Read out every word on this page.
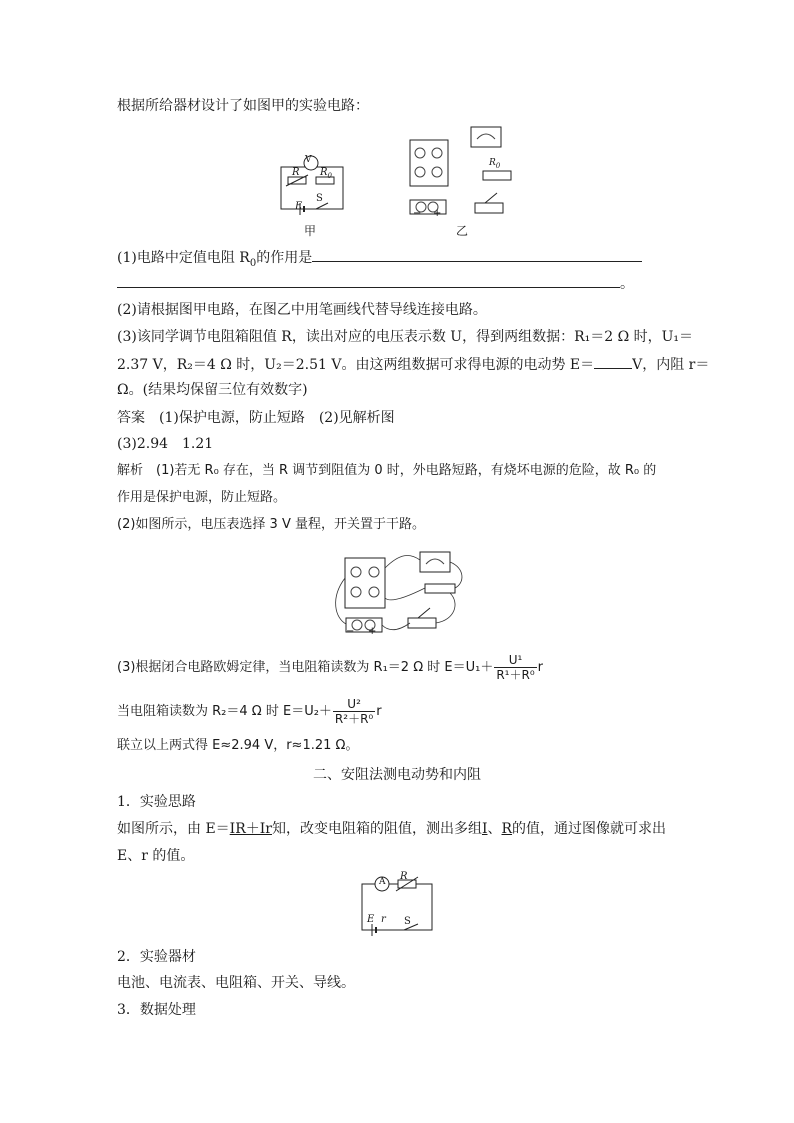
根据所给器材设计了如图甲的实验电路：
V
R $R_0$
E
S
甲
$R_0$
− +
乙
(1)电路中定值电阻 $R_0$的作用是
。
(2)请根据图甲电路，在图乙中用笔画线代替导线连接电路。
(3)该同学调节电阻箱阻值 R，读出对应的电压表示数 U，得到两组数据：R₁＝2 Ω 时，U₁＝
2.37 V，R₂＝4 Ω 时，U₂＝2.51 V。由这两组数据可求得电源的电动势 E＝	V，内阻 r＝
Ω。(结果均保留三位有效数字)
答案　 (1)保护电源，防止短路　(2)见解析图
(3)2.94　1.21
解析　(1)若无 R₀ 存在，当 R 调节到阻值为 0 时，外电路短路，有烧坏电源的危险，故 R₀ 的
作用是保护电源，防止短路。
(2)如图所示，电压表选择 3 V 量程，开关置于干路。
− +
(3)根据闭合电路欧姆定律，当电阻箱读数为 R₁＝2 Ω 时 $E=U_1+ \frac{\text{U¹}}{\text{R¹＋R⁰}}$ r
当电阻箱读数为 R₂＝4 Ω 时 $E=U_2+ \frac{\text{U²}}{\text{R²＋R⁰}}$ r
联立以上两式得 E≈2.94 V，r≈1.21 Ω。
二、安阻法测电动势和内阻
1．实验思路
如图所示，由 E＝IR＋Ir知，改变电阻箱的阻值，测出多组I、R的值，通过图像就可求出
E、r 的值。
A R
E r S
2．实验器材
电池、电流表、电阻箱、开关、导线。
3．数据处理
